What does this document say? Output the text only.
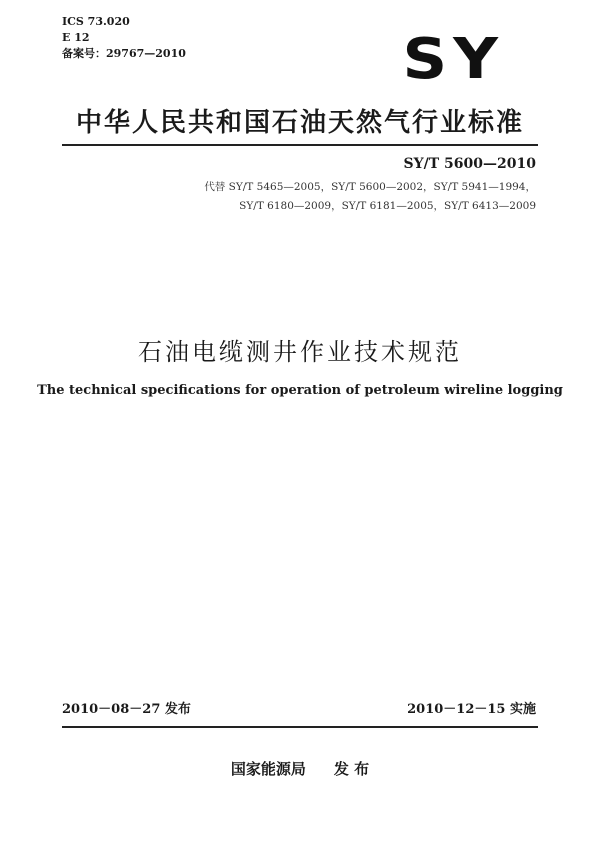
ICS 73.020
E 12
备案号：29767—2010	SY
中华人民共和国石油天然气行业标准
SY/T 5600—2010
代替 SY/T 5465—2005，SY/T 5600—2002，SY/T 5941—1994，
SY/T 6180—2009，SY/T 6181—2005，SY/T 6413—2009
石油电缆测井作业技术规范
The technical specifications for operation of petroleum wireline logging
2010－08－27 发布	2010－12－15 实施
国家能源局 发 布
